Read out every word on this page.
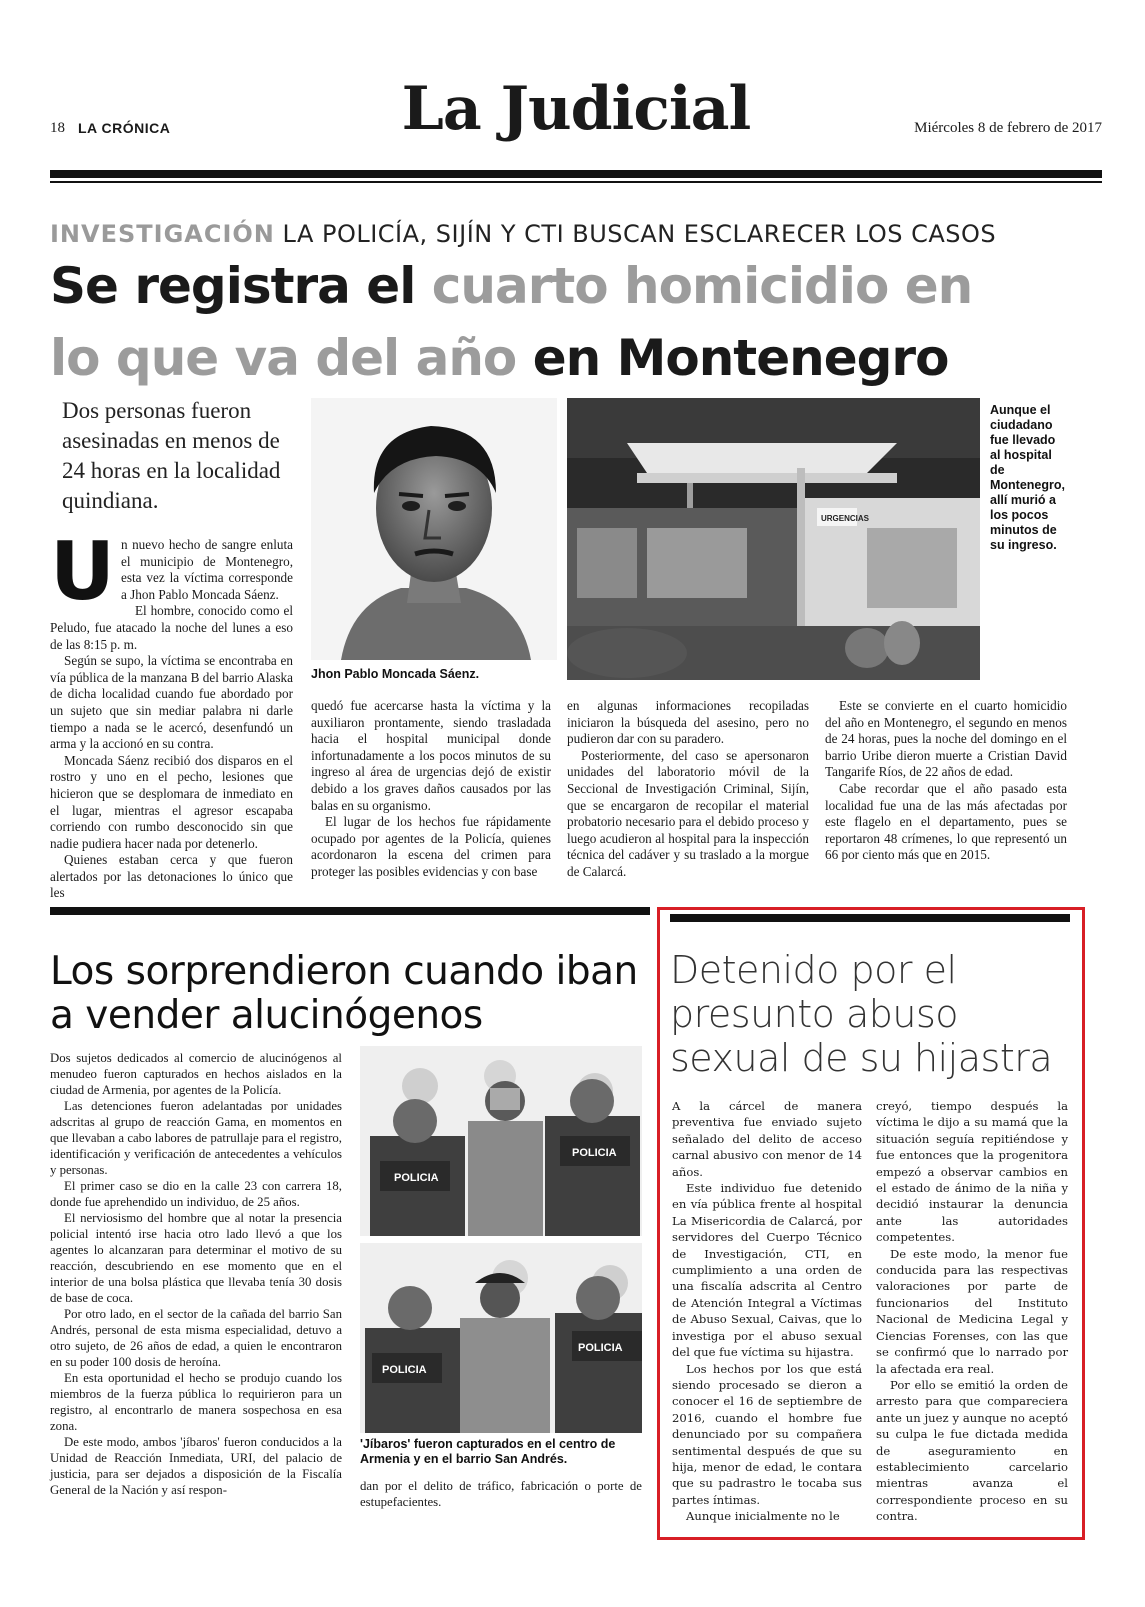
18 LA CRÓNICA	La Judicial	Miércoles 8 de febrero de 2017
INVESTIGACIÓN LA POLICÍA, SIJÍN Y CTI BUSCAN ESCLARECER LOS CASOS
Se registra el cuarto homicidio en
lo que va del año en Montenegro
Dos personas fueron asesinadas en menos de 24 horas en la localidad quindiana.
U n nuevo hecho de sangre enluta el municipio de Montenegro, esta vez la víctima corresponde a Jhon Pablo Moncada Sáenz.

El hombre, conocido como el Peludo, fue atacado la noche del lunes a eso de las 8:15 p. m.

Según se supo, la víctima se encontraba en vía pública de la manzana B del barrio Alaska de dicha localidad cuando fue abordado por un sujeto que sin mediar palabra ni darle tiempo a nada se le acercó, desenfundó un arma y la accionó en su contra.

Moncada Sáenz recibió dos disparos en el rostro y uno en el pecho, lesiones que hicieron que se desplomara de inmediato en el lugar, mientras el agresor escapaba corriendo con rumbo desconocido sin que nadie pudiera hacer nada por detenerlo.

Quienes estaban cerca y que fueron alertados por las detonaciones lo único que les

Jhon Pablo Moncada Sáenz.
URGENCIAS
Aunque el ciudadano fue llevado al hospital de Montenegro, allí murió a los pocos minutos de su ingreso.

quedó fue acercarse hasta la víctima y la auxiliaron prontamente, siendo trasladada hacia el hospital municipal donde infortunadamente a los pocos minutos de su ingreso al área de urgencias dejó de existir debido a los graves daños causados por las balas en su organismo.

El lugar de los hechos fue rápidamente ocupado por agentes de la Policía, quienes acordonaron la escena del crimen para proteger las posibles evidencias y con base

en algunas informaciones recopiladas iniciaron la búsqueda del asesino, pero no pudieron dar con su paradero.

Posteriormente, del caso se apersonaron unidades del laboratorio móvil de la Seccional de Investigación Criminal, Sijín, que se encargaron de recopilar el material probatorio necesario para el debido proceso y luego acudieron al hospital para la inspección técnica del cadáver y su traslado a la morgue de Calarcá.

Este se convierte en el cuarto homicidio del año en Montenegro, el segundo en menos de 24 horas, pues la noche del domingo en el barrio Uribe dieron muerte a Cristian David Tangarife Ríos, de 22 años de edad.

Cabe recordar que el año pasado esta localidad fue una de las más afectadas por este flagelo en el departamento, pues se reportaron 48 crímenes, lo que representó un 66 por ciento más que en 2015.

Los sorprendieron cuando iban a vender alucinógenos

Dos sujetos dedicados al comercio de alucinógenos al menudeo fueron capturados en hechos aislados en la ciudad de Armenia, por agentes de la Policía.

Las detenciones fueron adelantadas por unidades adscritas al grupo de reacción Gama, en momentos en que llevaban a cabo labores de patrullaje para el registro, identificación y verificación de antecedentes a vehículos y personas.

El primer caso se dio en la calle 23 con carrera 18, donde fue aprehendido un individuo, de 25 años.

El nerviosismo del hombre que al notar la presencia policial intentó irse hacia otro lado llevó a que los agentes lo alcanzaran para determinar el motivo de su reacción, descubriendo en ese momento que en el interior de una bolsa plástica que llevaba tenía 30 dosis de base de coca.

Por otro lado, en el sector de la cañada del barrio San Andrés, personal de esta misma especialidad, detuvo a otro sujeto, de 26 años de edad, a quien le encontraron en su poder 100 dosis de heroína.

En esta oportunidad el hecho se produjo cuando los miembros de la fuerza pública lo requirieron para un registro, al encontrarlo de manera sospechosa en esa zona.

De este modo, ambos 'jíbaros' fueron conducidos a la Unidad de Reacción Inmediata, URI, del palacio de justicia, para ser dejados a disposición de la Fiscalía General de la Nación y así respon-

POLICIA
POLICIA
POLICIA
POLICIA
'Jíbaros' fueron capturados en el centro de Armenia y en el barrio San Andrés.

dan por el delito de tráfico, fabricación o porte de estupefacientes.

Detenido por el presunto abuso sexual de su hijastra

A la cárcel de manera preventiva fue enviado sujeto señalado del delito de acceso carnal abusivo con menor de 14 años.

Este individuo fue detenido en vía pública frente al hospital La Misericordia de Calarcá, por servidores del Cuerpo Técnico de Investigación, CTI, en cumplimiento a una orden de una fiscalía adscrita al Centro de Atención Integral a Víctimas de Abuso Sexual, Caivas, que lo investiga por el abuso sexual del que fue víctima su hijastra.

Los hechos por los que está siendo procesado se dieron a conocer el 16 de septiembre de 2016, cuando el hombre fue denunciado por su compañera sentimental después de que su hija, menor de edad, le contara que su padrastro le tocaba sus partes íntimas.

Aunque inicialmente no le

creyó, tiempo después la víctima le dijo a su mamá que la situación seguía repitiéndose y fue entonces que la progenitora empezó a observar cambios en el estado de ánimo de la niña y decidió instaurar la denuncia ante las autoridades competentes.

De este modo, la menor fue conducida para las respectivas valoraciones por parte de funcionarios del Instituto Nacional de Medicina Legal y Ciencias Forenses, con las que se confirmó que lo narrado por la afectada era real.

Por ello se emitió la orden de arresto para que compareciera ante un juez y aunque no aceptó su culpa le fue dictada medida de aseguramiento en establecimiento carcelario mientras avanza el correspondiente proceso en su contra.
